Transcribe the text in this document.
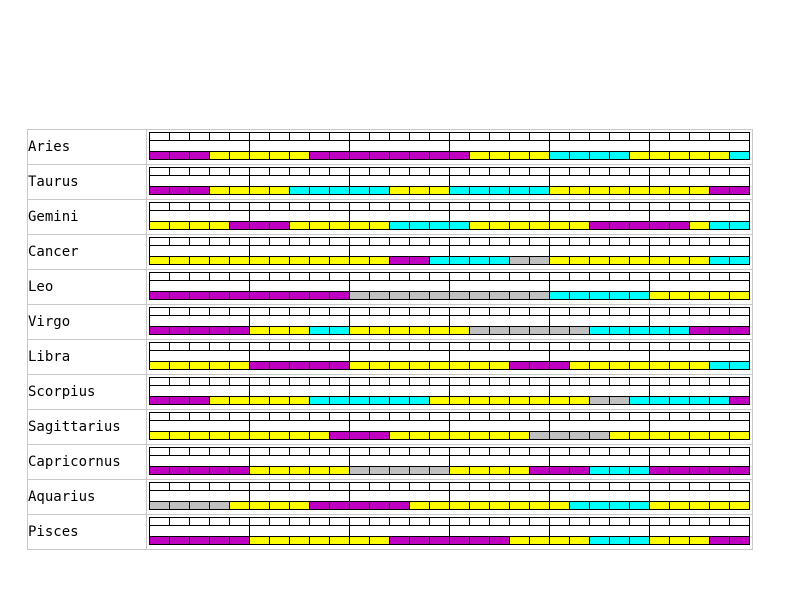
Aries	

Taurus	

Gemini	

Cancer	

Leo	

Virgo	

Libra	

Scorpius	

Sagittarius	

Capricornus	

Aquarius	

Pisces	
